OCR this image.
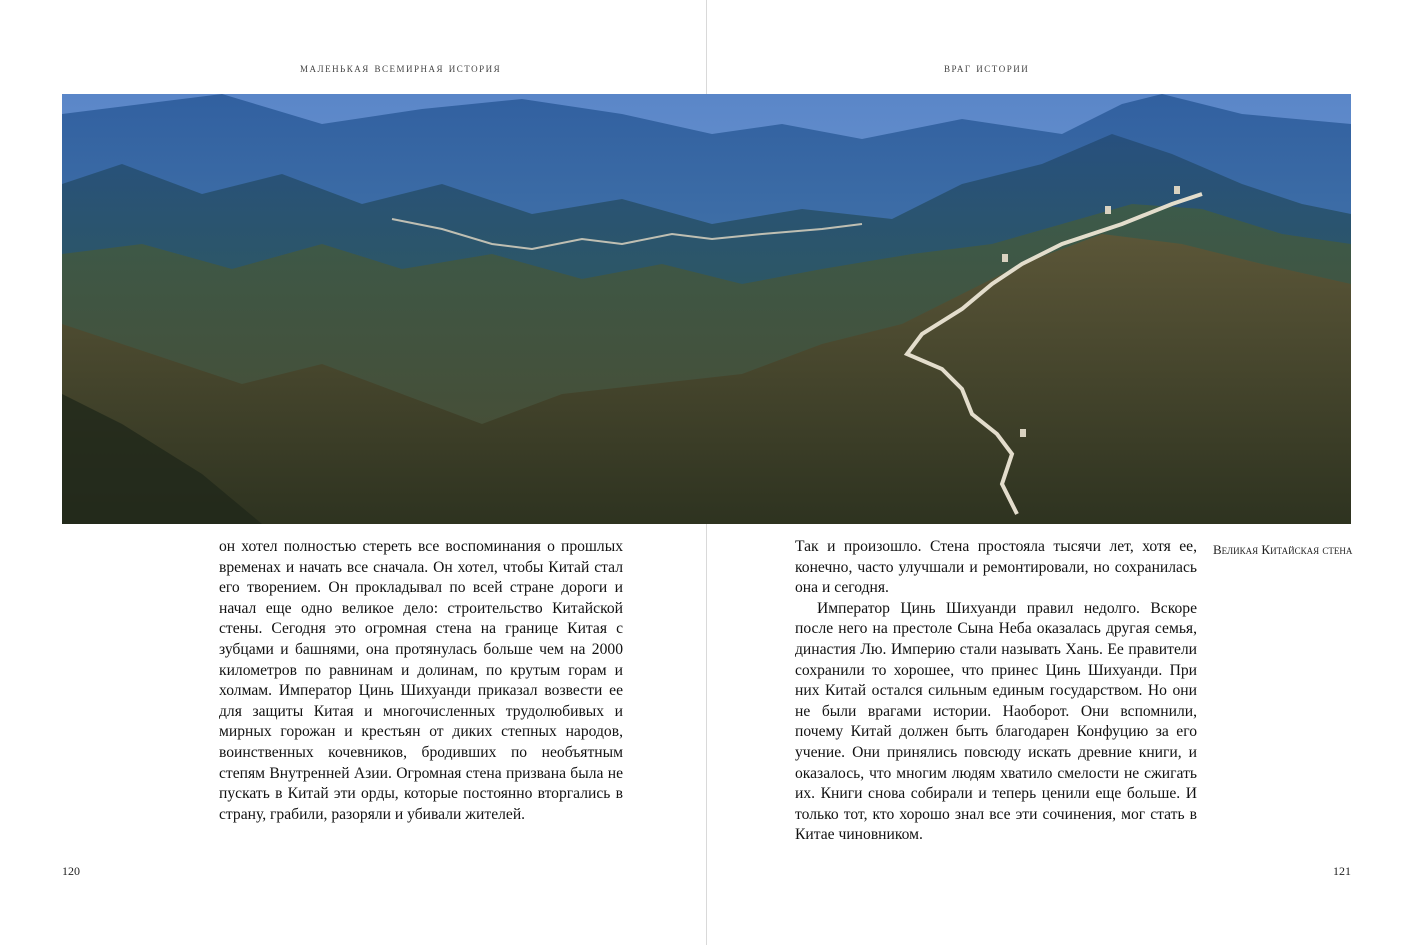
маленькая всемирная история	враг истории

он хотел полностью стереть все воспоминания о прошлых временах и начать все сначала. Он хотел, чтобы Китай стал его творением. Он прокладывал по всей стране дороги и начал еще одно великое дело: строительство Китайской стены. Сегодня это огромная стена на границе Китая с зубцами и башнями, она протянулась больше чем на 2000 километров по равнинам и долинам, по крутым горам и холмам. Император Цинь Шихуанди приказал возвести ее для защиты Китая и многочисленных трудолюбивых и мирных горожан и крестьян от диких степных народов, воинственных кочевников, бродивших по необъятным степям Внутренней Азии. Огромная стена призвана была не пускать в Китай эти орды, которые постоянно вторгались в страну, грабили, разоряли и убивали жителей.

Так и произошло. Стена простояла тысячи лет, хотя ее, конечно, часто улучшали и ремонтировали, но сохранилась она и сегодня.

Император Цинь Шихуанди правил недолго. Вскоре после него на престоле Сына Неба оказалась другая семья, династия Лю. Империю стали называть Хань. Ее правители сохранили то хорошее, что принес Цинь Шихуанди. При них Китай остался сильным единым государством. Но они не были врагами истории. Наоборот. Они вспомнили, почему Китай должен быть благодарен Конфуцию за его учение. Они принялись повсюду искать древние книги, и оказалось, что многим людям хватило смелости не сжигать их. Книги снова собирали и теперь ценили еще больше. И только тот, кто хорошо знал все эти сочинения, мог стать в Китае чиновником.

Великая Китайская стена
120	121
